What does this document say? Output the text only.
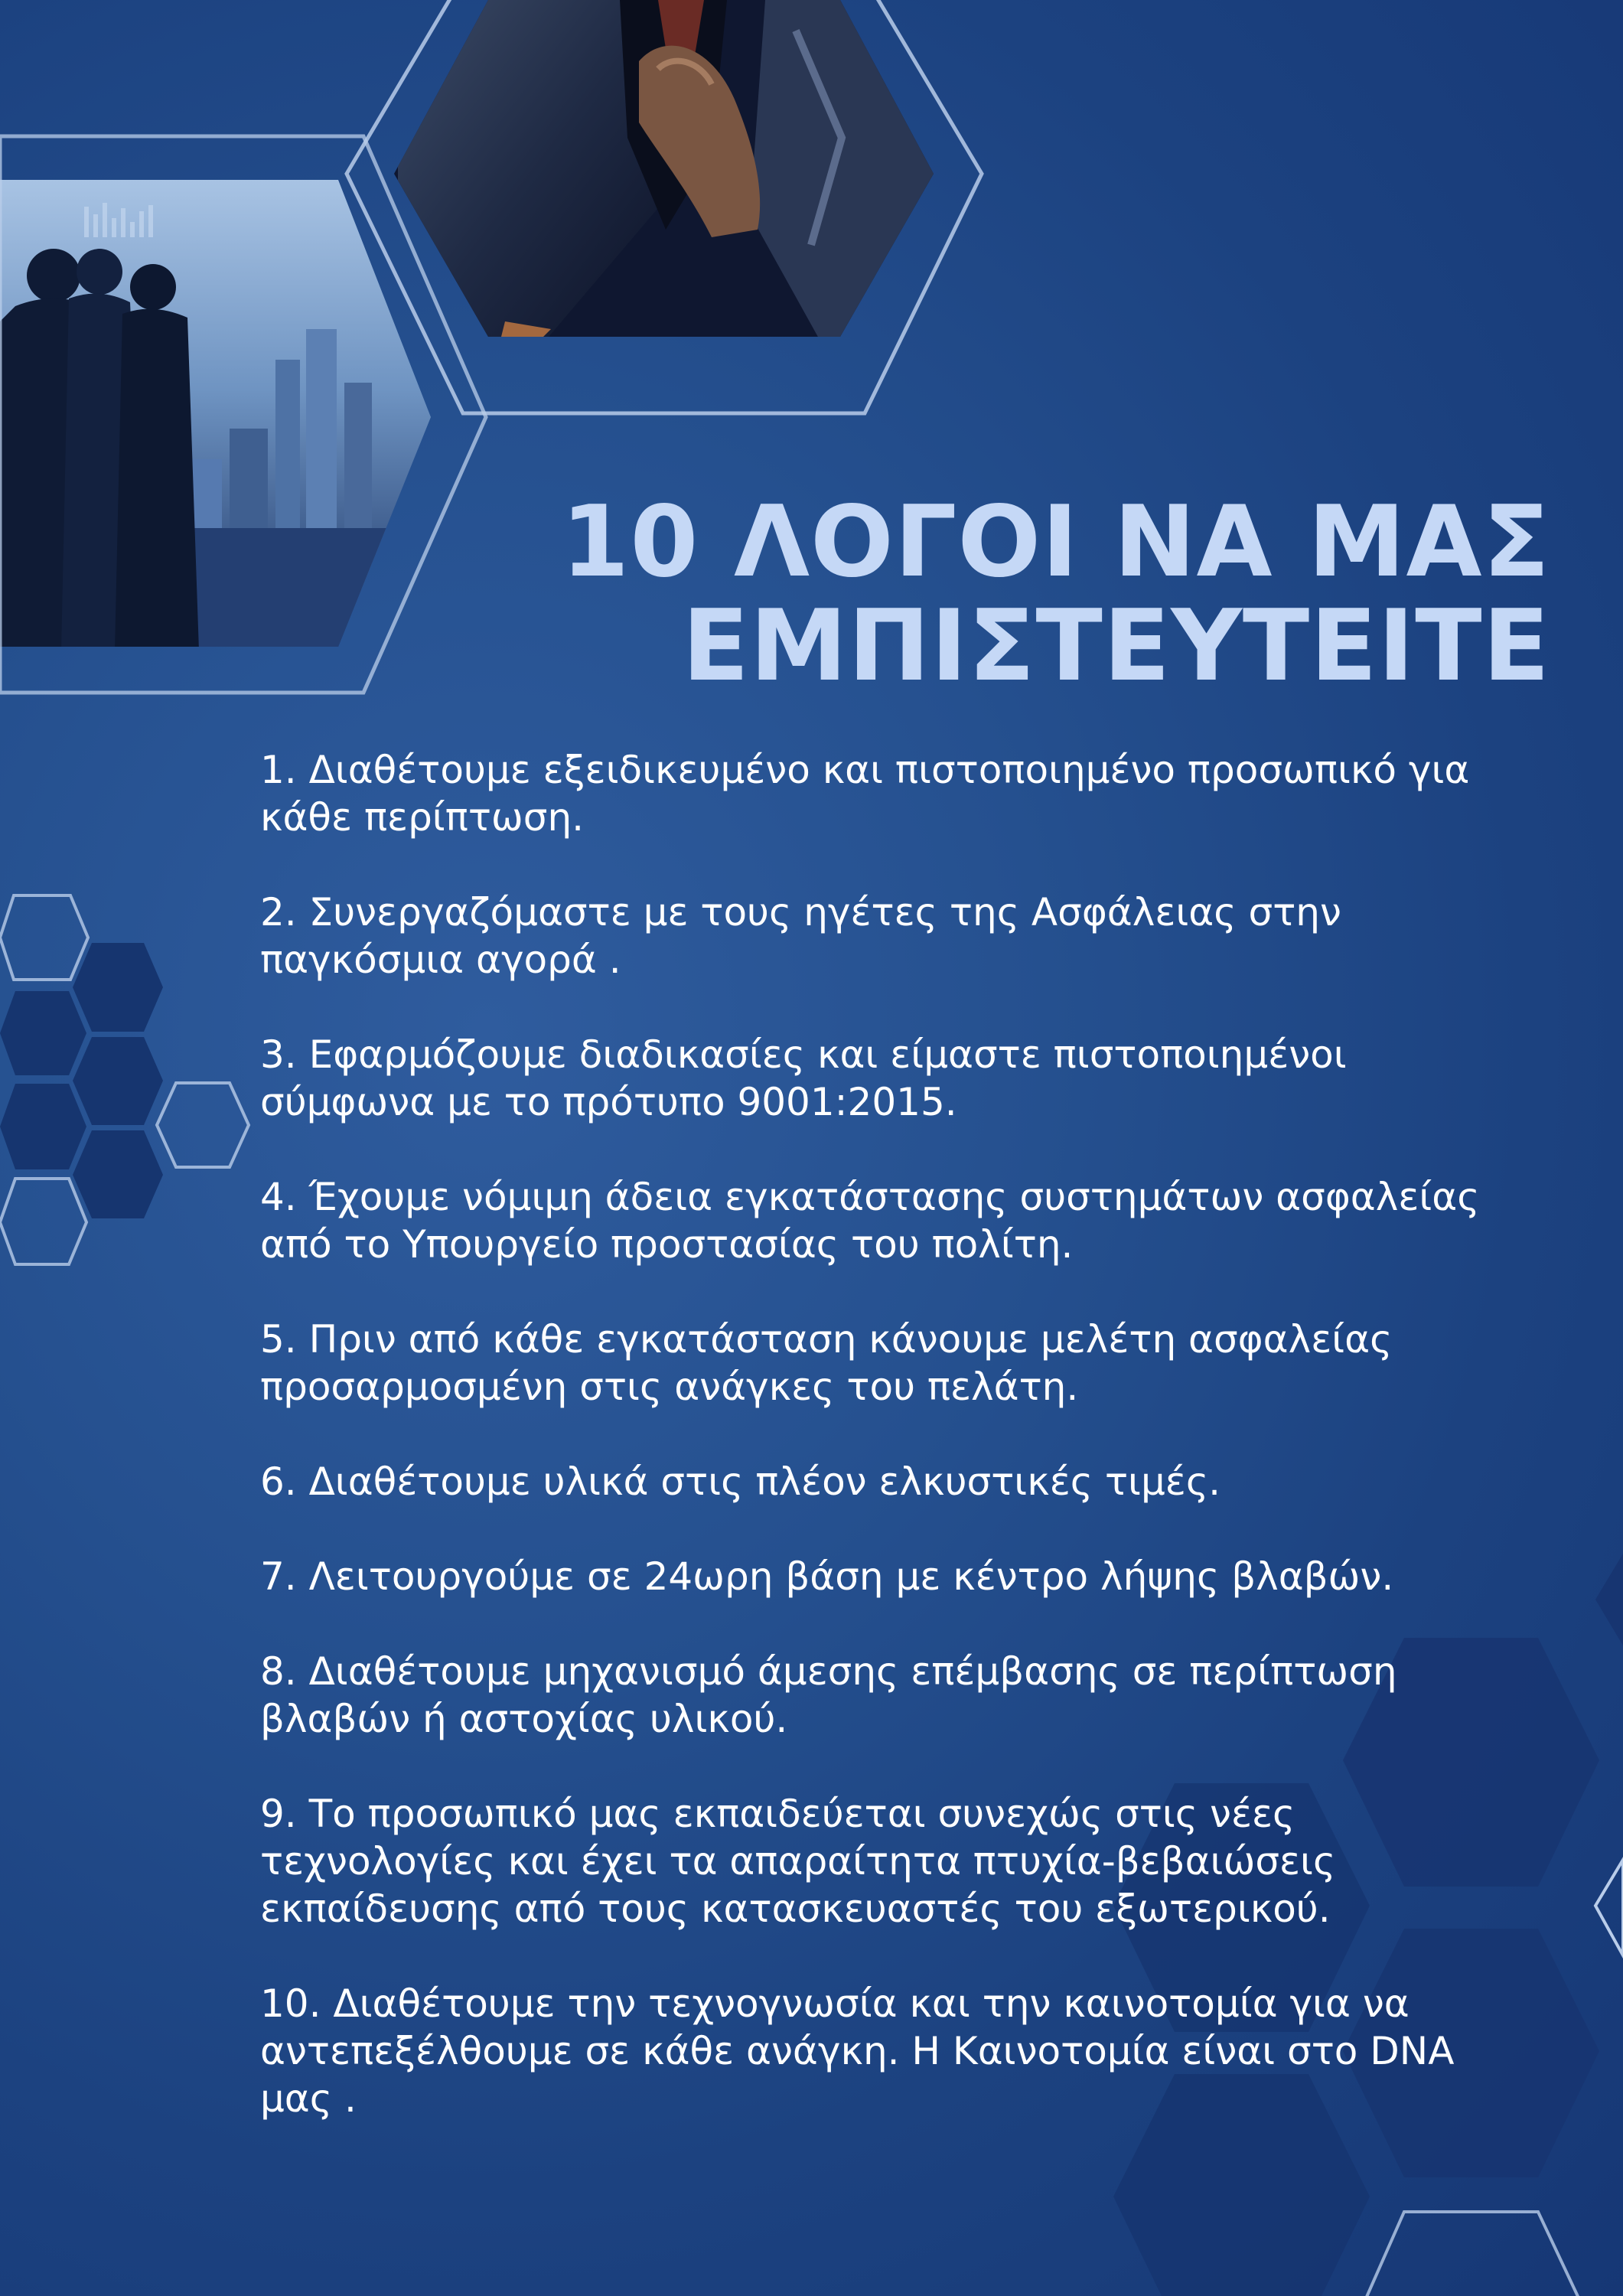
10 ΛΟΓΟΙ ΝΑ ΜΑΣ
ΕΜΠΙΣΤΕΥΤΕΙΤΕ
1. Διαθέτουμε εξειδικευμένο και πιστοποιημένο προσωπικό για κάθε περίπτωση.
2. Συνεργαζόμαστε με τους ηγέτες της Ασφάλειας στην παγκόσμια αγορά .
3. Εφαρμόζουμε διαδικασίες και είμαστε πιστοποιημένοι σύμφωνα με το πρότυπο 9001:2015.
4. Έχουμε νόμιμη άδεια εγκατάστασης συστημάτων ασφαλείας από το Υπουργείο προστασίας του πολίτη.
5. Πριν από κάθε εγκατάσταση κάνουμε μελέτη ασφαλείας προσαρμοσμένη στις ανάγκες του πελάτη.
6. Διαθέτουμε υλικά στις πλέον ελκυστικές τιμές.
7. Λειτουργούμε σε 24ωρη βάση με κέντρο λήψης βλαβών.
8. Διαθέτουμε μηχανισμό άμεσης επέμβασης σε περίπτωση βλαβών ή αστοχίας υλικού.
9. Το προσωπικό μας εκπαιδεύεται συνεχώς στις νέες τεχνολογίες και έχει τα απαραίτητα πτυχία-βεβαιώσεις εκπαίδευσης από τους κατασκευαστές του εξωτερικού.
10. Διαθέτουμε την τεχνογνωσία και την καινοτομία για να αντεπεξέλθουμε σε κάθε ανάγκη. Η Καινοτομία είναι στο DNA μας .
